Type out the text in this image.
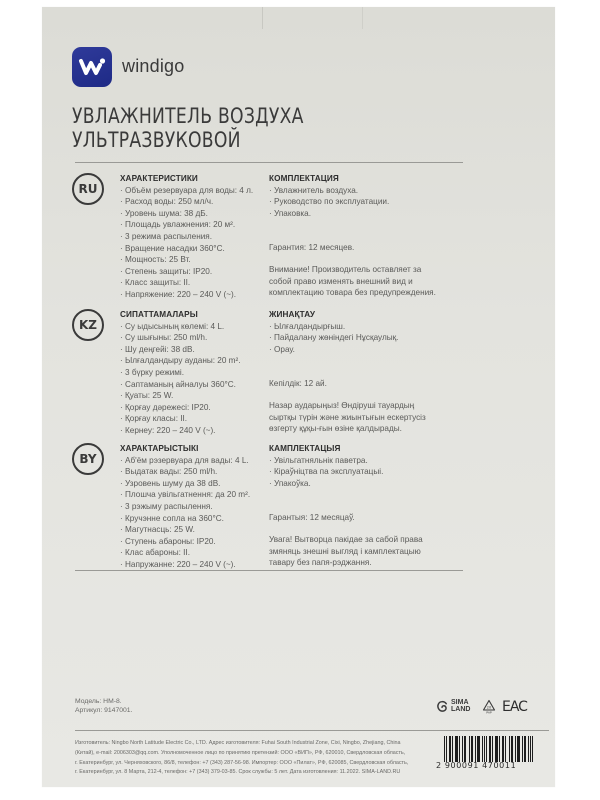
windigo
УВЛАЖНИТЕЛЬ ВОЗДУХА
УЛЬТРАЗВУКОВОЙ
RU
ХАРАКТЕРИСТИКИ
· Объём резервуара для воды: 4 л.
· Расход воды: 250 мл/ч.
· Уровень шума: 38 дБ.
· Площадь увлажнения: 20 м².
· 3 режима распыления.
· Вращение насадки 360°С.
· Мощность: 25 Вт.
· Степень защиты: IP20.
· Класс защиты: II.
· Напряжение: 220 – 240 V (~).
КОМПЛЕКТАЦИЯ
· Увлажнитель воздуха.
· Руководство по эксплуатации.
· Упаковка.
Гарантия: 12 месяцев.
Внимание! Производитель оставляет за собой право изменять внешний вид и комплектацию товара без предупреждения.
KZ
СИПАТТАМАЛАРЫ
· Су ыдысының көлемі: 4 L.
· Су шығыны: 250 ml/h.
· Шу деңгейі: 38 dB.
· Ылғалдандыру ауданы: 20 m².
· 3 бүрку режимі.
· Саптаманың айналуы 360°С.
· Қуаты: 25 W.
· Қорғау дәрежесі: IP20.
· Қорғау класы: II.
· Кернеу: 220 – 240 V (~).
ЖИНАҚТАУ
· Ылғалдандырғыш.
· Пайдалану жөніндегі Нұсқаулық.
· Орау.
Кепілдік: 12 ай.
Назар аударыңыз! Өндіруші тауардың сыртқы түрін және жиынтығын ескертусіз өзгерту құқы-ғын өзіне қалдырады.
BY
ХАРАКТАРЫСТЫКІ
· Аб'ём рэзервуара для вады: 4 L.
· Выдатак вады: 250 ml/h.
· Узровень шуму да 38 dB.
· Плошча увільгатнення: да 20 m².
· 3 рэжыму распылення.
· Кручэнне сопла на 360°С.
· Магутнасць: 25 W.
· Ступень абароны: IP20.
· Клас абароны: II.
· Напружанне: 220 – 240 V (~).
КАМПЛЕКТАЦЫЯ
· Увільгатняльнік паветра.
· Кіраўніцтва па эксплуатацыі.
· Упакоўка.
Гарантыя: 12 месяцаў.
Увага! Вытворца пакідае за сабой права змяняць знешні выгляд і камплектацыю тавару без папя-рэджання.
Модель: НМ-8.
Артикул: 9147001.
SIMA
LAND	20
PAP EAC
Изготовитель: Ningbo North Latitude Electric Co., LTD. Адрес изготовителя: Fuhai South Industrial Zone, Cixi, Ningbo, Zhejiang, China
(Китай), e-mail: 2006303@qq.com. Уполномоченное лицо по принятию претензий: ООО «ВИП», РФ, 620010, Свердловская область,
г. Екатеринбург, ул. Черняховского, 86/8, телефон: +7 (343) 287-56-98. Импортер: ООО «Пилат», РФ, 620085, Свердловская область,
г. Екатеринбург, ул. 8 Марта, 212-4, телефон: +7 (343) 379-03-85. Срок службы: 5 лет. Дата изготовления: 11.2022. SIMA-LAND.RU
2 900091 470011
